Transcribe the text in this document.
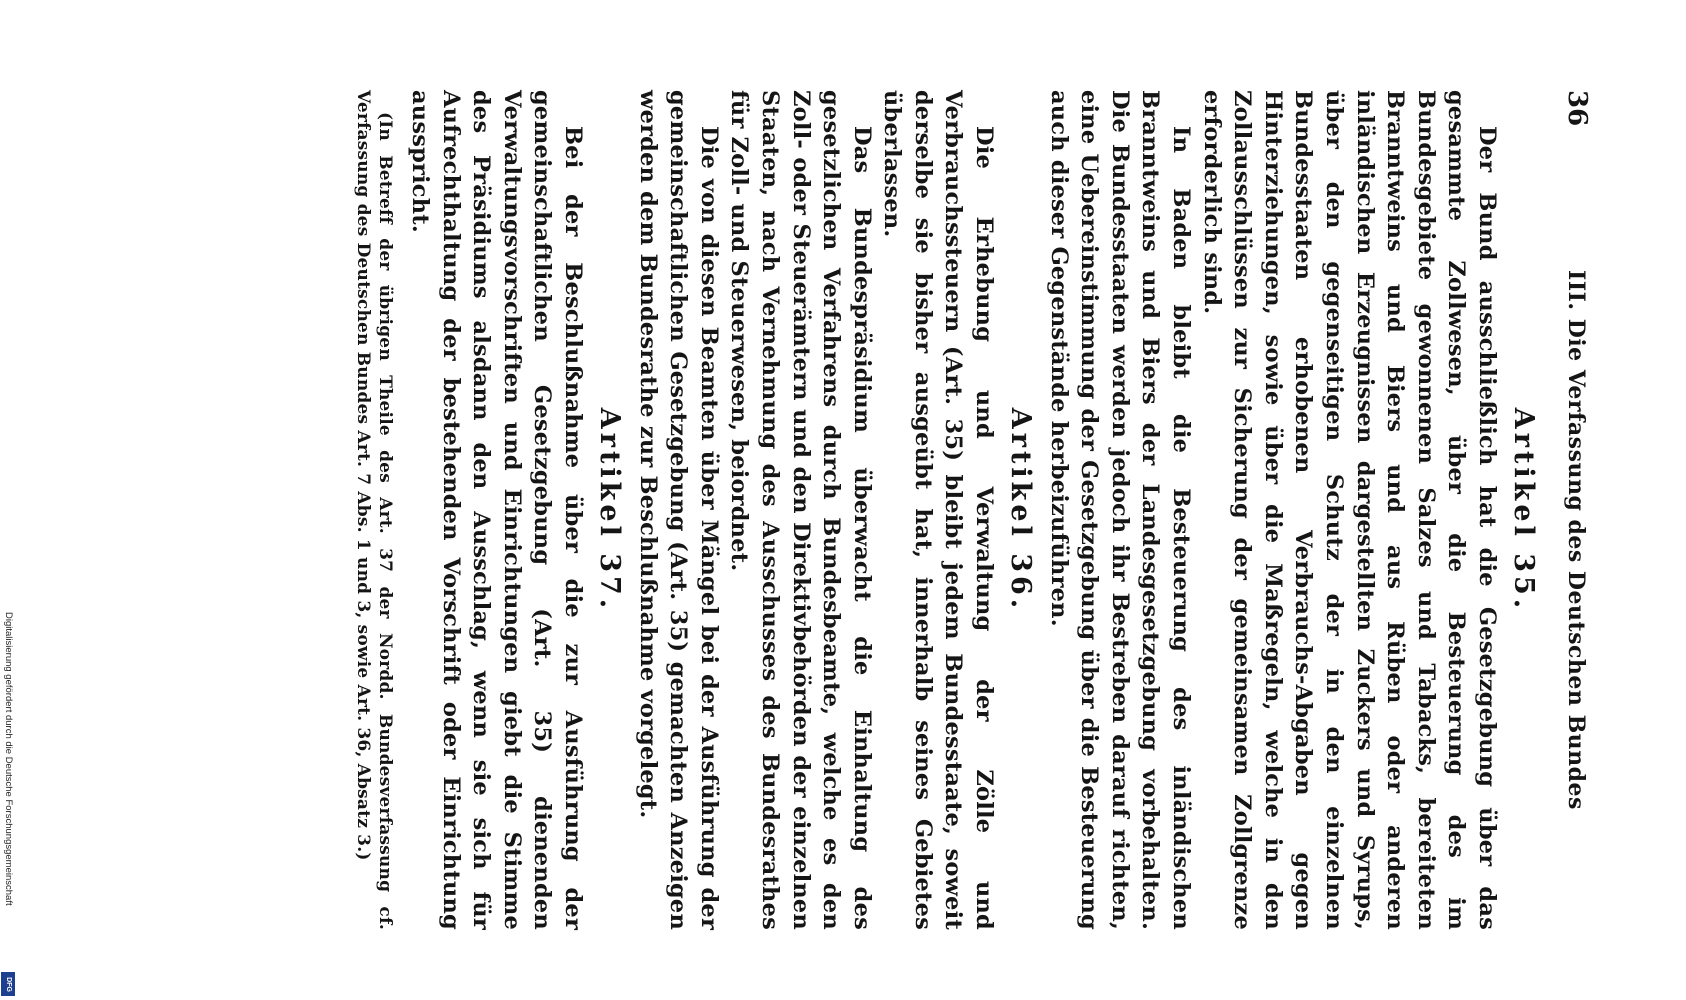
Digitalisierung gefördert durch die Deutsche Forschungsgemeinschaft
DFG
36
III. Die Verfassung des Deutschen Bundes
Artikel 35.

Der Bund ausschließlich hat die Gesetzgebung über das gesammte Zollwesen, über die Besteuerung des im Bundesgebiete gewonnenen Salzes und Tabacks, bereiteten Branntweins und Biers und aus Rüben oder anderen inländischen Erzeugnissen dargestellten Zuckers und Syrups, über den gegenseitigen Schutz der in den einzelnen Bundesstaaten erhobenen Verbrauchs-Abgaben gegen Hinterziehungen, sowie über die Maßregeln, welche in den Zollausschlüssen zur Sicherung der gemeinsamen Zollgrenze erforderlich sind.

In Baden bleibt die Besteuerung des inländischen Branntweins und Biers der Landesgesetzgebung vorbehalten. Die Bundesstaaten werden jedoch ihr Bestreben darauf richten, eine Uebereinstimmung der Gesetzgebung über die Besteuerung auch dieser Gegenstände herbeizuführen.

Artikel 36.

Die Erhebung und Verwaltung der Zölle und Verbrauchssteuern (Art. 35) bleibt jedem Bundesstaate, soweit derselbe sie bisher ausgeübt hat, innerhalb seines Gebietes überlassen.

Das Bundespräsidium überwacht die Einhaltung des gesetzlichen Verfahrens durch Bundesbeamte, welche es den Zoll- oder Steuerämtern und den Direktivbehörden der einzelnen Staaten, nach Vernehmung des Ausschusses des Bundesrathes für Zoll- und Steuerwesen, beiordnet.

Die von diesen Beamten über Mängel bei der Ausführung der gemeinschaftlichen Gesetzgebung (Art. 35) gemachten Anzeigen werden dem Bundesrathe zur Beschlußnahme vorgelegt.

Artikel 37.

Bei der Beschlußnahme über die zur Ausführung der gemeinschaftlichen Gesetzgebung (Art. 35) dienenden Verwaltungsvorschriften und Einrichtungen giebt die Stimme des Präsidiums alsdann den Ausschlag, wenn sie sich für Aufrechthaltung der bestehenden Vorschrift oder Einrichtung ausspricht.

(In Betreff der übrigen Theile des Art. 37 der Nordd. Bundesverfassung cf. Verfassung des Deutschen Bundes Art. 7 Abs. 1 und 3, sowie Art. 36, Absatz 3.)
